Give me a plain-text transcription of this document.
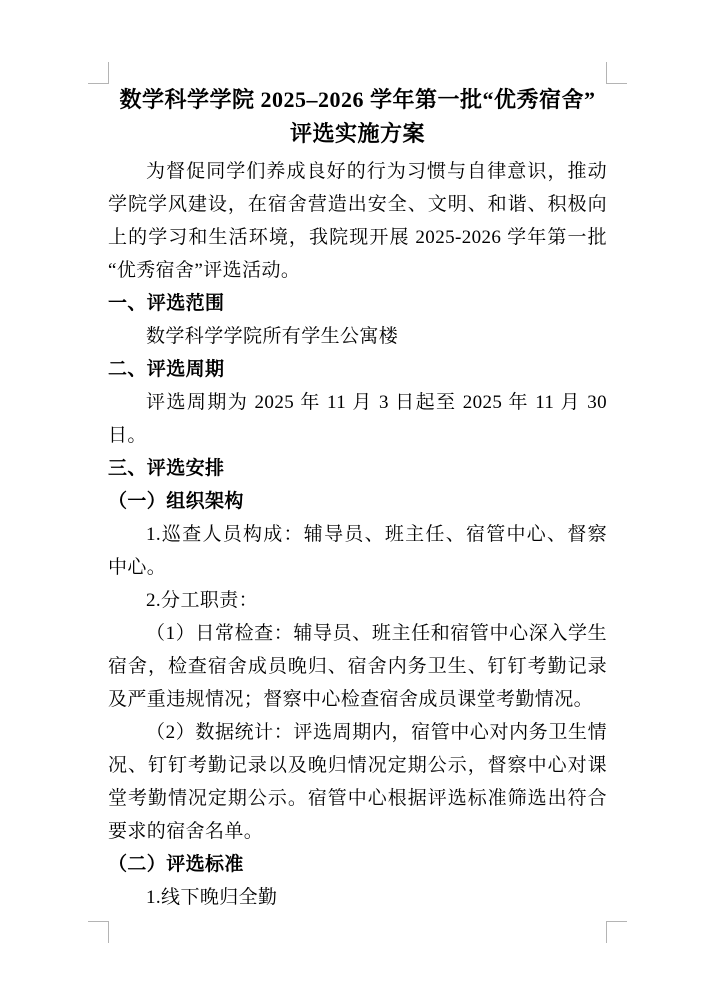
数学科学学院 2025–2026 学年第一批“优秀宿舍”
评选实施方案

为督促同学们养成良好的行为习惯与自律意识，推动学院学风建设，在宿舍营造出安全、文明、和谐、积极向上的学习和生活环境，我院现开展 2025-2026 学年第一批“优秀宿舍”评选活动。

一、评选范围

数学科学学院所有学生公寓楼

二、评选周期

评选周期为 2025 年 11 月 3 日起至 2025 年 11 月 30 日。

三、评选安排

（一）组织架构

1.巡查人员构成：辅导员、班主任、宿管中心、督察中心。

2.分工职责：

（1）日常检查：辅导员、班主任和宿管中心深入学生宿舍，检查宿舍成员晚归、宿舍内务卫生、钉钉考勤记录及严重违规情况；督察中心检查宿舍成员课堂考勤情况。

（2）数据统计：评选周期内，宿管中心对内务卫生情况、钉钉考勤记录以及晚归情况定期公示，督察中心对课堂考勤情况定期公示。宿管中心根据评选标准筛选出符合要求的宿舍名单。

（二）评选标准

1.线下晚归全勤
